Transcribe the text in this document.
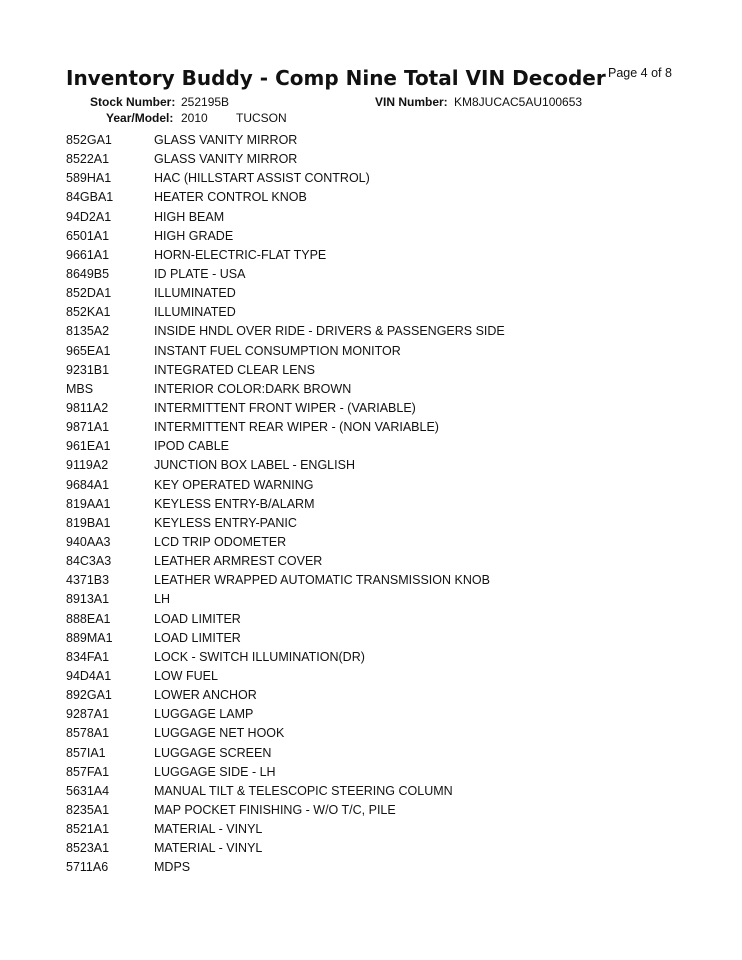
Inventory Buddy - Comp Nine Total VIN Decoder Page 4 of 8
Stock Number: 252195B	VIN Number: KM8JUCAC5AU100653
Year/Model: 2010 TUCSON
852GA1	GLASS VANITY MIRROR
8522A1	GLASS VANITY MIRROR
589HA1	HAC (HILLSTART ASSIST CONTROL)
84GBA1	HEATER CONTROL KNOB
94D2A1	HIGH BEAM
6501A1	HIGH GRADE
9661A1	HORN-ELECTRIC-FLAT TYPE
8649B5	ID PLATE - USA
852DA1	ILLUMINATED
852KA1	ILLUMINATED
8135A2	INSIDE HNDL OVER RIDE - DRIVERS & PASSENGERS SIDE
965EA1	INSTANT FUEL CONSUMPTION MONITOR
9231B1	INTEGRATED CLEAR LENS
MBS	INTERIOR COLOR:DARK BROWN
9811A2	INTERMITTENT FRONT WIPER - (VARIABLE)
9871A1	INTERMITTENT REAR WIPER - (NON VARIABLE)
961EA1	IPOD CABLE
9119A2	JUNCTION BOX LABEL - ENGLISH
9684A1	KEY OPERATED WARNING
819AA1	KEYLESS ENTRY-B/ALARM
819BA1	KEYLESS ENTRY-PANIC
940AA3	LCD TRIP ODOMETER
84C3A3	LEATHER ARMREST COVER
4371B3	LEATHER WRAPPED AUTOMATIC TRANSMISSION KNOB
8913A1	LH
888EA1	LOAD LIMITER
889MA1	LOAD LIMITER
834FA1	LOCK - SWITCH ILLUMINATION(DR)
94D4A1	LOW FUEL
892GA1	LOWER ANCHOR
9287A1	LUGGAGE LAMP
8578A1	LUGGAGE NET HOOK
857IA1	LUGGAGE SCREEN
857FA1	LUGGAGE SIDE - LH
5631A4	MANUAL TILT & TELESCOPIC STEERING COLUMN
8235A1	MAP POCKET FINISHING - W/O T/C, PILE
8521A1	MATERIAL - VINYL
8523A1	MATERIAL - VINYL
5711A6	MDPS
